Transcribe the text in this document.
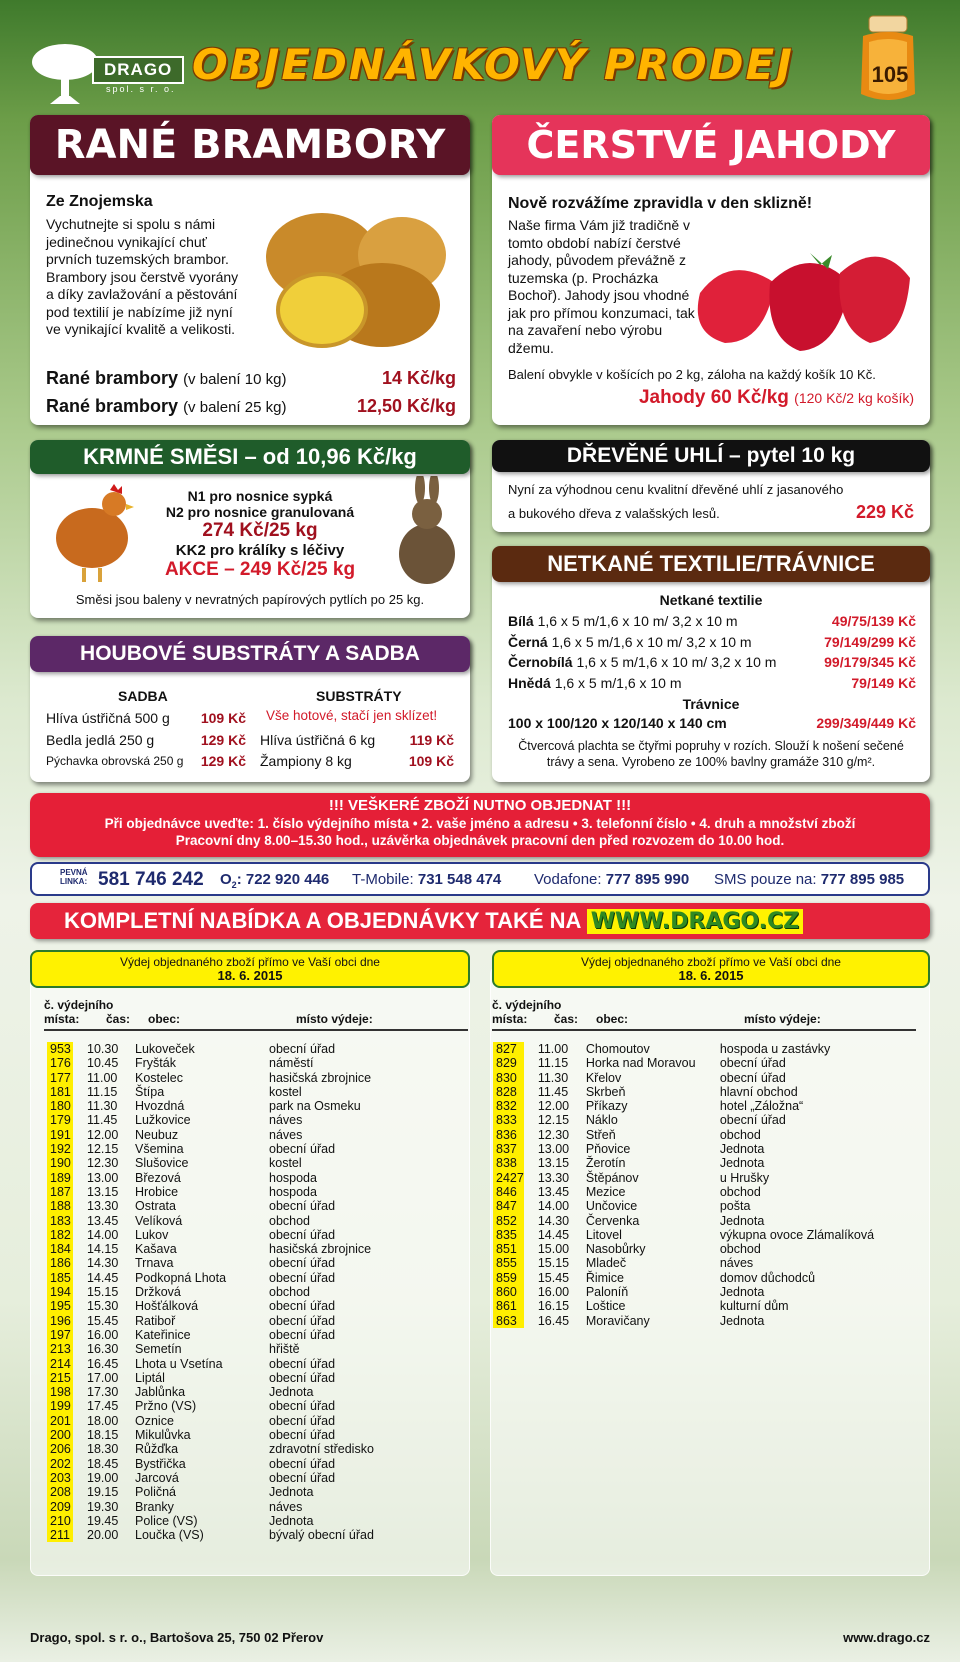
DRAGO
spol. s r. o. OBJEDNÁVKOVÝ PRODEJ	105
Ze Znojemska
Vychutnejte si spolu s námi jedinečnou vynikající chuť prvních tuzemských brambor. Brambory jsou čerstvě vyorány a díky zavlažování a pěstování pod textilií je nabízíme již nyní ve vynikající kvalitě a velikosti.
Rané brambory (v balení 10 kg)	14 Kč/kg
Rané brambory (v balení 25 kg)	12,50 Kč/kg
RANÉ BRAMBORY
Nově rozvážíme zpravidla v den sklizně!
Naše firma Vám již tradičně v tomto období nabízí čerstvé jahody, původem převážně z tuzemska (p. Procházka Bochoř). Jahody jsou vhodné jak pro přímou konzumaci, tak na zavaření nebo výrobu džemu.
Balení obvykle v košících po 2 kg, záloha na každý košík 10 Kč.
Jahody 60 Kč/kg (120 Kč/2 kg košík)
ČERSTVÉ JAHODY
N1 pro nosnice sypká
N2 pro nosnice granulovaná
274 Kč/25 kg
KK2 pro králíky s léčivy
AKCE – 249 Kč/25 kg
Směsi jsou baleny v nevratných papírových pytlích po 25 kg.
KRMNÉ SMĚSI – od 10,96 Kč/kg
Nyní za výhodnou cenu kvalitní dřevěné uhlí z jasanového
a bukového dřeva z valašských lesů.	229 Kč
DŘEVĚNÉ UHLÍ – pytel 10 kg
SADBA	SUBSTRÁTY
Vše hotové, stačí jen sklízet!
Hlíva ústřičná 500 g 109 Kč
Bedla jedlá 250 g	129 Kč
Pýchavka obrovská 250 g 129 Kč
Hlíva ústřičná 6 kg 119 Kč
Žampiony 8 kg	109 Kč
HOUBOVÉ SUBSTRÁTY A SADBA
Netkané textilie
Bílá 1,6 x 5 m/1,6 x 10 m/ 3,2 x 10 m	49/75/139 Kč
Černá 1,6 x 5 m/1,6 x 10 m/ 3,2 x 10 m	79/149/299 Kč
Černobílá 1,6 x 5 m/1,6 x 10 m/ 3,2 x 10 m	99/179/345 Kč
Hnědá 1,6 x 5 m/1,6 x 10 m	79/149 Kč
Trávnice
100 x 100/120 x 120/140 x 140 cm	299/349/449 Kč
Čtvercová plachta se čtyřmi popruhy v rozích. Slouží k nošení sečené
trávy a sena. Vyrobeno ze 100% bavlny gramáže 310 g/m².
NETKANÉ TEXTILIE/TRÁVNICE
!!! VEŠKERÉ ZBOŽÍ NUTNO OBJEDNAT !!!
Při objednávce uveďte: 1. číslo výdejního místa • 2. vaše jméno a adresu • 3. telefonní číslo • 4. druh a množství zboží
Pracovní dny 8.00–15.30 hod., uzávěrka objednávek pracovní den před rozvozem do 10.00 hod.
PEVNÁ
LINKA: 581 746 242 $O_2$: 722 920 446 T-Mobile: 731 548 474 Vodafone: 777 895 990 SMS pouze na: 777 895 985
KOMPLETNÍ NABÍDKA A OBJEDNÁVKY TAKÉ NA WWW.DRAGO.CZ
Výdej objednaného zboží přímo ve Vaší obci dne
18. 6. 2015
Výdej objednaného zboží přímo ve Vaší obci dne
18. 6. 2015
č. výdejního
místa: čas: obec:	místo výdeje:
č. výdejního
místa: čas: obec:	místo výdeje:
953	10.30	Lukoveček	obecní úřad
176	10.45	Fryšták	náměstí
177	11.00	Kostelec	hasičská zbrojnice
181	11.15	Štípa	kostel
180	11.30	Hvozdná	park na Osmeku
179	11.45	Lužkovice	náves
191	12.00	Neubuz	náves
192	12.15	Všemina	obecní úřad
190	12.30	Slušovice	kostel
189	13.00	Březová	hospoda
187	13.15	Hrobice	hospoda
188	13.30	Ostrata	obecní úřad
183	13.45	Velíková	obchod
182	14.00	Lukov	obecní úřad
184	14.15	Kašava	hasičská zbrojnice
186	14.30	Trnava	obecní úřad
185	14.45	Podkopná Lhota	obecní úřad
194	15.15	Držková	obchod
195	15.30	Hošťálková	obecní úřad
196	15.45	Ratiboř	obecní úřad
197	16.00	Kateřinice	obecní úřad
213	16.30	Semetín	hřiště
214	16.45	Lhota u Vsetína	obecní úřad
215	17.00	Liptál	obecní úřad
198	17.30	Jablůnka	Jednota
199	17.45	Pržno (VS)	obecní úřad
201	18.00	Oznice	obecní úřad
200	18.15	Mikulůvka	obecní úřad
206	18.30	Růžďka	zdravotní středisko
202	18.45	Bystřička	obecní úřad
203	19.00	Jarcová	obecní úřad
208	19.15	Poličná	Jednota
209	19.30	Branky	náves
210	19.45	Police (VS)	Jednota
211	20.00	Loučka (VS)	bývalý obecní úřad
827	11.00	Chomoutov	hospoda u zastávky
829	11.15	Horka nad Moravou	obecní úřad
830	11.30	Křelov	obecní úřad
828	11.45	Skrbeň	hlavní obchod
832	12.00	Příkazy	hotel „Záložna“
833	12.15	Náklo	obecní úřad
836	12.30	Střeň	obchod
837	13.00	Pňovice	Jednota
838	13.15	Žerotín	Jednota
2427	13.30	Štěpánov	u Hrušky
846	13.45	Mezice	obchod
847	14.00	Unčovice	pošta
852	14.30	Červenka	Jednota
835	14.45	Litovel	výkupna ovoce Zlámalíková
851	15.00	Nasobůrky	obchod
855	15.15	Mladeč	náves
859	15.45	Řimice	domov důchodců
860	16.00	Paloníň	Jednota
861	16.15	Loštice	kulturní dům
863	16.45	Moravičany	Jednota
Drago, spol. s r. o., Bartošova 25, 750 02 Přerov	www.drago.cz
